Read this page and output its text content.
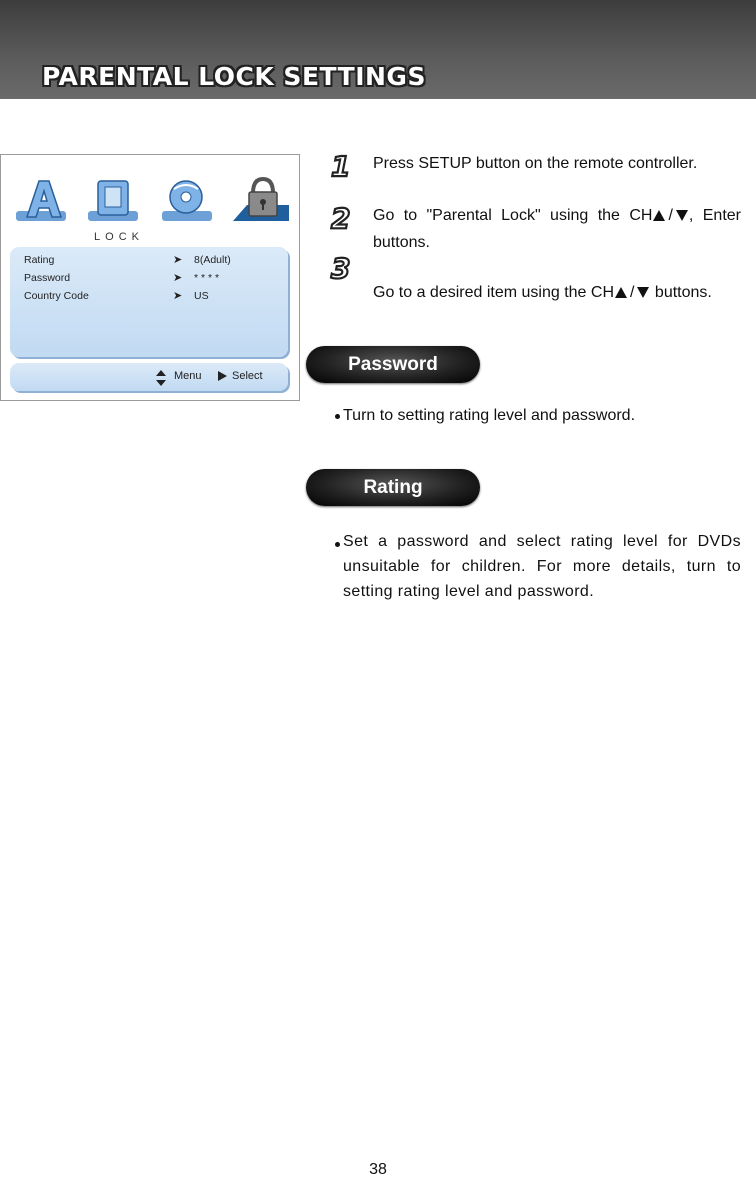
PARENTAL LOCK SETTINGS
LOCK
Rating	➤ 8(Adult)
Password	➤ * * * *
Country Code	➤ US
Menu	Select
1
2
3
Press SETUP button on the remote controller.
Go to "Parental Lock" using the CH / , Enter buttons.
Go to a desired item using the CH / buttons.
Password
Turn to setting rating level and password.
Rating
Set a password and select rating level for DVDs unsuitable for children. For more details, turn to setting rating level and password.
38
